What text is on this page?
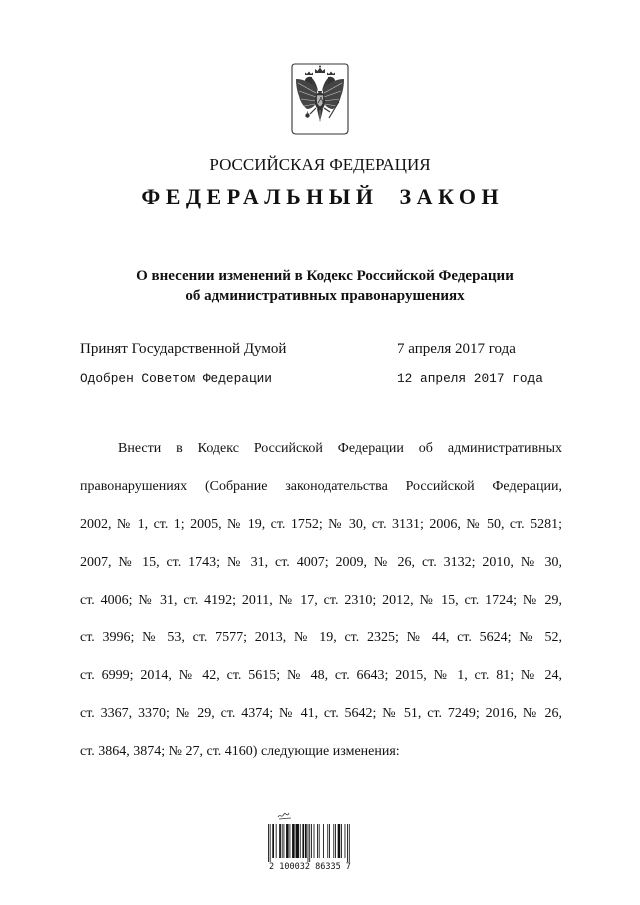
РОССИЙСКАЯ ФЕДЕРАЦИЯ
ФЕДЕРАЛЬНЫЙ ЗАКОН
О внесении изменений в Кодекс Российской Федерации
об административных правонарушениях
Принят Государственной Думой	7 апреля 2017 года
Одобрен Советом Федерации	12 апреля 2017 года
Внести в Кодекс Российской Федерации об административных
правонарушениях (Собрание законодательства Российской Федерации,
2002, № 1, ст. 1; 2005, № 19, ст. 1752; № 30, ст. 3131; 2006, № 50, ст. 5281;
2007, № 15, ст. 1743; № 31, ст. 4007; 2009, № 26, ст. 3132; 2010, № 30,
ст. 4006; № 31, ст. 4192; 2011, № 17, ст. 2310; 2012, № 15, ст. 1724; № 29,
ст. 3996; № 53, ст. 7577; 2013, № 19, ст. 2325; № 44, ст. 5624; № 52,
ст. 6999; 2014, № 42, ст. 5615; № 48, ст. 6643; 2015, № 1, ст. 81; № 24,
ст. 3367, 3370; № 29, ст. 4374; № 41, ст. 5642; № 51, ст. 7249; 2016, № 26,
ст. 3864, 3874; № 27, ст. 4160) следующие изменения:
2 100032 86335 7
